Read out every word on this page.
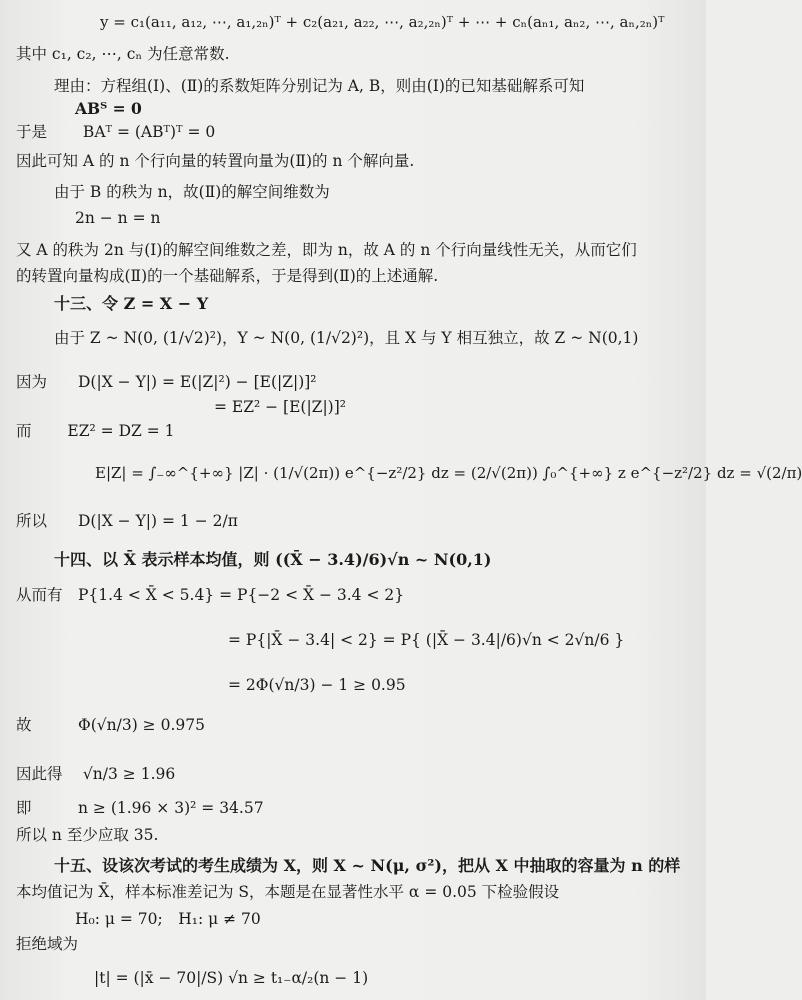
y = c₁(a₁₁, a₁₂, ⋯, a₁,₂ₙ)ᵀ + c₂(a₂₁, a₂₂, ⋯, a₂,₂ₙ)ᵀ + ⋯ + cₙ(aₙ₁, aₙ₂, ⋯, aₙ,₂ₙ)ᵀ
其中 c₁, c₂, ⋯, cₙ 为任意常数.
理由：方程组(Ⅰ)、(Ⅱ)的系数矩阵分别记为 A, B，则由(Ⅰ)的已知基础解系可知
ABᵀ = 0
于是　　 BAᵀ = (ABᵀ)ᵀ = 0
因此可知 A 的 n 个行向量的转置向量为(Ⅱ)的 n 个解向量.
由于 B 的秩为 n，故(Ⅱ)的解空间维数为
2n − n = n
又 A 的秩为 2n 与(Ⅰ)的解空间维数之差，即为 n，故 A 的 n 个行向量线性无关，从而它们
的转置向量构成(Ⅱ)的一个基础解系，于是得到(Ⅱ)的上述通解.
十三、令 Z = X − Y
由于 Z ~ N(0, (1/√2)²)，Y ~ N(0, (1/√2)²)，且 X 与 Y 相互独立，故 Z ~ N(0,1)
因为　　D(|X − Y|) = E(|Z|²) − [E(|Z|)]²
= EZ² − [E(|Z|)]²
而　　 EZ² = DZ = 1
E|Z| = ∫₋∞^{+∞} |Z| · (1/√(2π)) e^{−z²/2} dz = (2/√(2π)) ∫₀^{+∞} z e^{−z²/2} dz = √(2/π)
所以　　D(|X − Y|) = 1 − 2/π
十四、以 X̄ 表示样本均值，则 ((X̄ − 3.4)/6)√n ~ N(0,1)
从而有　P{1.4 < X̄ < 5.4} = P{−2 < X̄ − 3.4 < 2}
= P{|X̄ − 3.4| < 2} = P{ (|X̄ − 3.4|/6)√n < 2√n/6 }
= 2Φ(√n/3) − 1 ≥ 0.95
故　　　Φ(√n/3) ≥ 0.975
因此得　 √n/3 ≥ 1.96
即　　　n ≥ (1.96 × 3)² = 34.57
所以 n 至少应取 35.
十五、设该次考试的考生成绩为 X，则 X ~ N(μ, σ²)，把从 X 中抽取的容量为 n 的样
本均值记为 X̄，样本标准差记为 S，本题是在显著性水平 α = 0.05 下检验假设
H₀: μ = 70;　H₁: μ ≠ 70
拒绝域为
|t| = (|x̄ − 70|/S) √n ≥ t₁₋α/₂(n − 1)
